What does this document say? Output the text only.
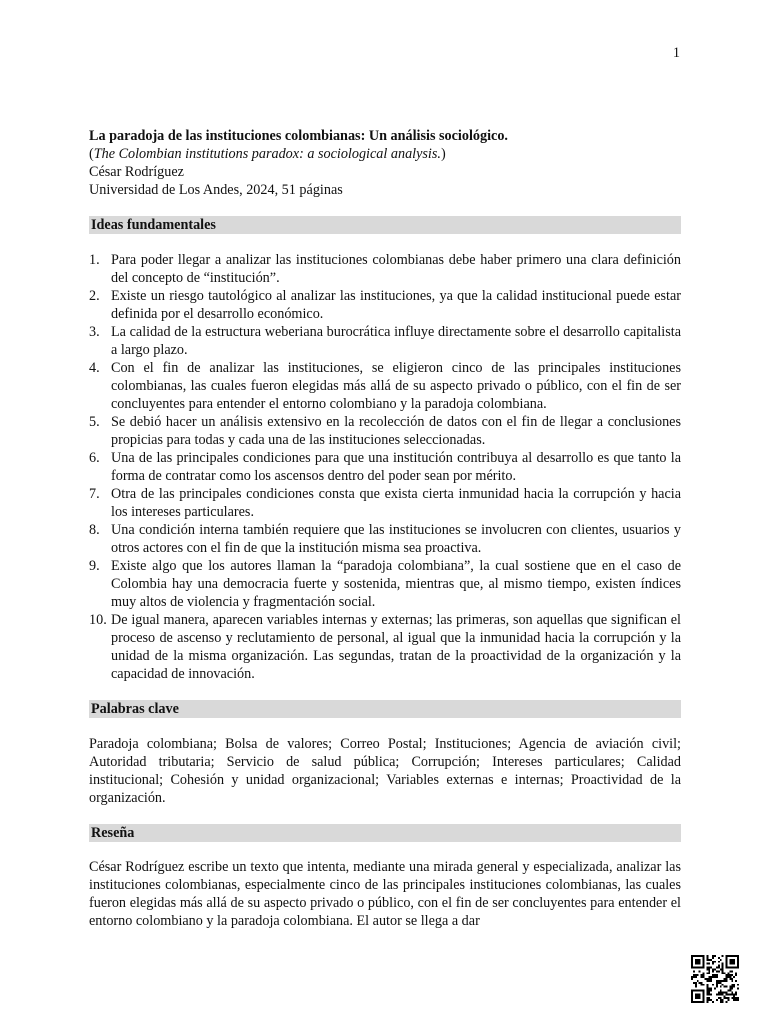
1
La paradoja de las instituciones colombianas: Un análisis sociológico.
(The Colombian institutions paradox: a sociological analysis.)
César Rodríguez
Universidad de Los Andes, 2024, 51 páginas
Ideas fundamentales
1. Para poder llegar a analizar las instituciones colombianas debe haber primero una clara definición del concepto de “institución”.
2. Existe un riesgo tautológico al analizar las instituciones, ya que la calidad institucional puede estar definida por el desarrollo económico.
3. La calidad de la estructura weberiana burocrática influye directamente sobre el desarrollo capitalista a largo plazo.
4. Con el fin de analizar las instituciones, se eligieron cinco de las principales instituciones colombianas, las cuales fueron elegidas más allá de su aspecto privado o público, con el fin de ser concluyentes para entender el entorno colombiano y la paradoja colombiana.
5. Se debió hacer un análisis extensivo en la recolección de datos con el fin de llegar a conclusiones propicias para todas y cada una de las instituciones seleccionadas.
6. Una de las principales condiciones para que una institución contribuya al desarrollo es que tanto la forma de contratar como los ascensos dentro del poder sean por mérito.
7. Otra de las principales condiciones consta que exista cierta inmunidad hacia la corrupción y hacia los intereses particulares.
8. Una condición interna también requiere que las instituciones se involucren con clientes, usuarios y otros actores con el fin de que la institución misma sea proactiva.
9. Existe algo que los autores llaman la “paradoja colombiana”, la cual sostiene que en el caso de Colombia hay una democracia fuerte y sostenida, mientras que, al mismo tiempo, existen índices muy altos de violencia y fragmentación social.
10. De igual manera, aparecen variables internas y externas; las primeras, son aquellas que significan el proceso de ascenso y reclutamiento de personal, al igual que la inmunidad hacia la corrupción y la unidad de la misma organización. Las segundas, tratan de la proactividad de la organización y la capacidad de innovación.
Palabras clave
Paradoja colombiana; Bolsa de valores; Correo Postal; Instituciones; Agencia de aviación civil; Autoridad tributaria; Servicio de salud pública; Corrupción; Intereses particulares; Calidad institucional; Cohesión y unidad organizacional; Variables externas e internas; Proactividad de la organización.
Reseña
César Rodríguez escribe un texto que intenta, mediante una mirada general y especializada, analizar las instituciones colombianas, especialmente cinco de las principales instituciones colombianas, las cuales fueron elegidas más allá de su aspecto privado o público, con el fin de ser concluyentes para entender el entorno colombiano y la paradoja colombiana. El autor se llega a dar
